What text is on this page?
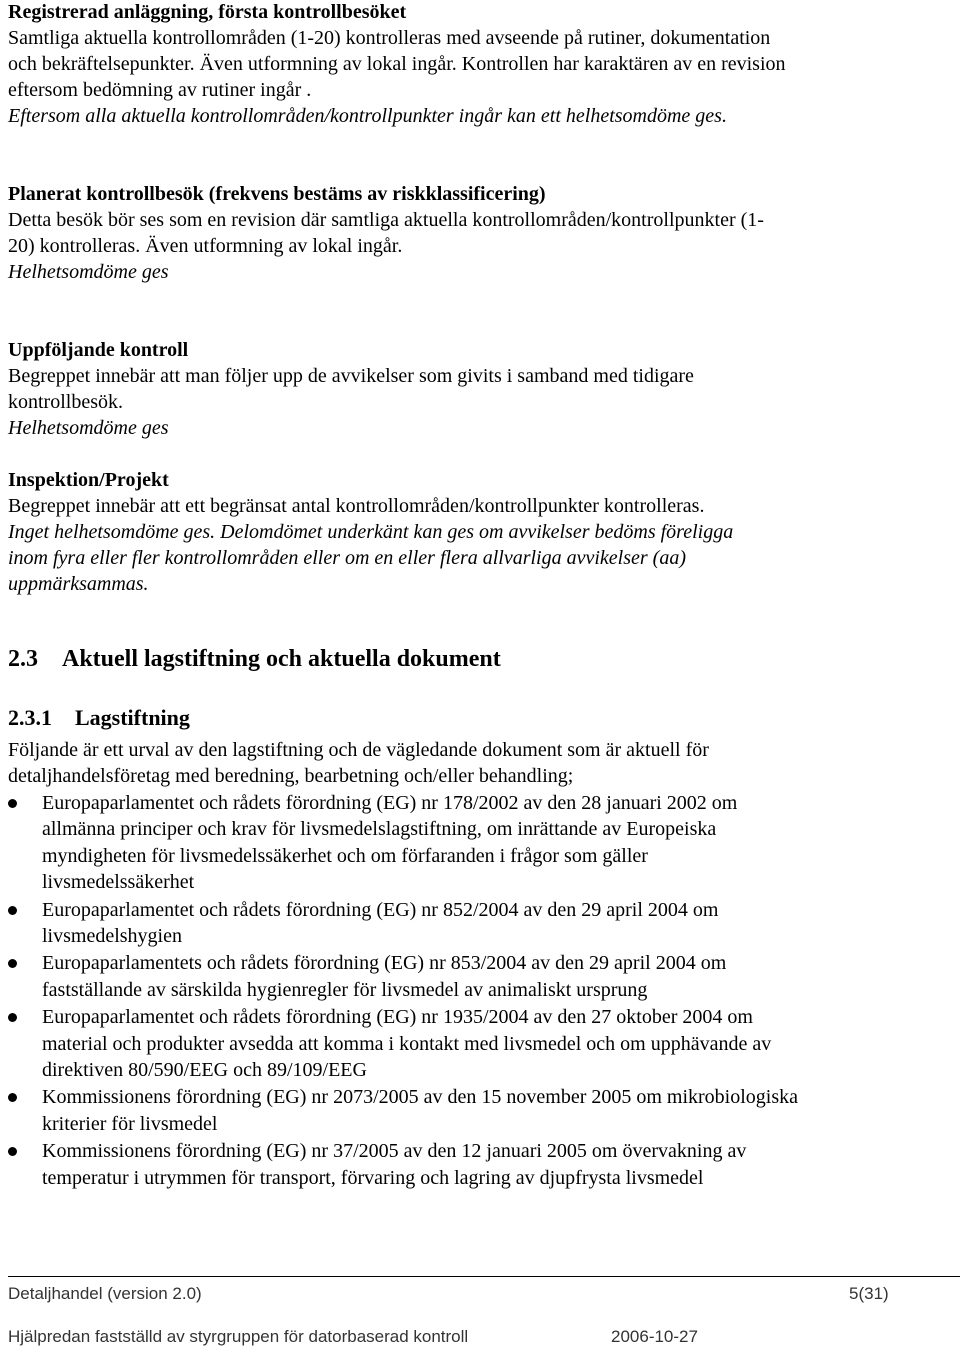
Registrerad anläggning, första kontrollbesöket

Samtliga aktuella kontrollområden (1-20) kontrolleras med avseende på rutiner, dokumentation och bekräftelsepunkter. Även utformning av lokal ingår. Kontrollen har karaktären av en revision eftersom bedömning av rutiner ingår .

Eftersom alla aktuella kontrollområden/kontrollpunkter ingår kan ett helhetsomdöme ges.

Planerat kontrollbesök (frekvens bestäms av riskklassificering)

Detta besök bör ses som en revision där samtliga aktuella kontrollområden/kontrollpunkter (1-20) kontrolleras. Även utformning av lokal ingår.

Helhetsomdöme ges

Uppföljande kontroll

Begreppet innebär att man följer upp de avvikelser som givits i samband med tidigare kontrollbesök.

Helhetsomdöme ges

Inspektion/Projekt

Begreppet innebär att ett begränsat antal kontrollområden/kontrollpunkter kontrolleras.

Inget helhetsomdöme ges. Delomdömet underkänt kan ges om avvikelser bedöms föreligga inom fyra eller fler kontrollområden eller om en eller flera allvarliga avvikelser (aa) uppmärksammas.

2.3 Aktuell lagstiftning och aktuella dokument
2.3.1 Lagstiftning

Följande är ett urval av den lagstiftning och de vägledande dokument som är aktuell för detaljhandelsföretag med beredning, bearbetning och/eller behandling;

Europaparlamentet och rådets förordning (EG) nr 178/2002 av den 28 januari 2002 om allmänna principer och krav för livsmedelslagstiftning, om inrättande av Europeiska myndigheten för livsmedelssäkerhet och om förfaranden i frågor som gäller livsmedelssäkerhet
Europaparlamentet och rådets förordning (EG) nr 852/2004 av den 29 april 2004 om livsmedelshygien
Europaparlamentets och rådets förordning (EG) nr 853/2004 av den 29 april 2004 om fastställande av särskilda hygienregler för livsmedel av animaliskt ursprung
Europaparlamentet och rådets förordning (EG) nr 1935/2004 av den 27 oktober 2004 om material och produkter avsedda att komma i kontakt med livsmedel och om upphävande av direktiven 80/590/EEG och 89/109/EEG
Kommissionens förordning (EG) nr 2073/2005 av den 15 november 2005 om mikrobiologiska kriterier för livsmedel
Kommissionens förordning (EG) nr 37/2005 av den 12 januari 2005 om övervakning av temperatur i utrymmen för transport, förvaring och lagring av djupfrysta livsmedel
Detaljhandel (version 2.0)	5(31)
Hjälpredan fastställd av styrgruppen för datorbaserad kontroll	2006-10-27
